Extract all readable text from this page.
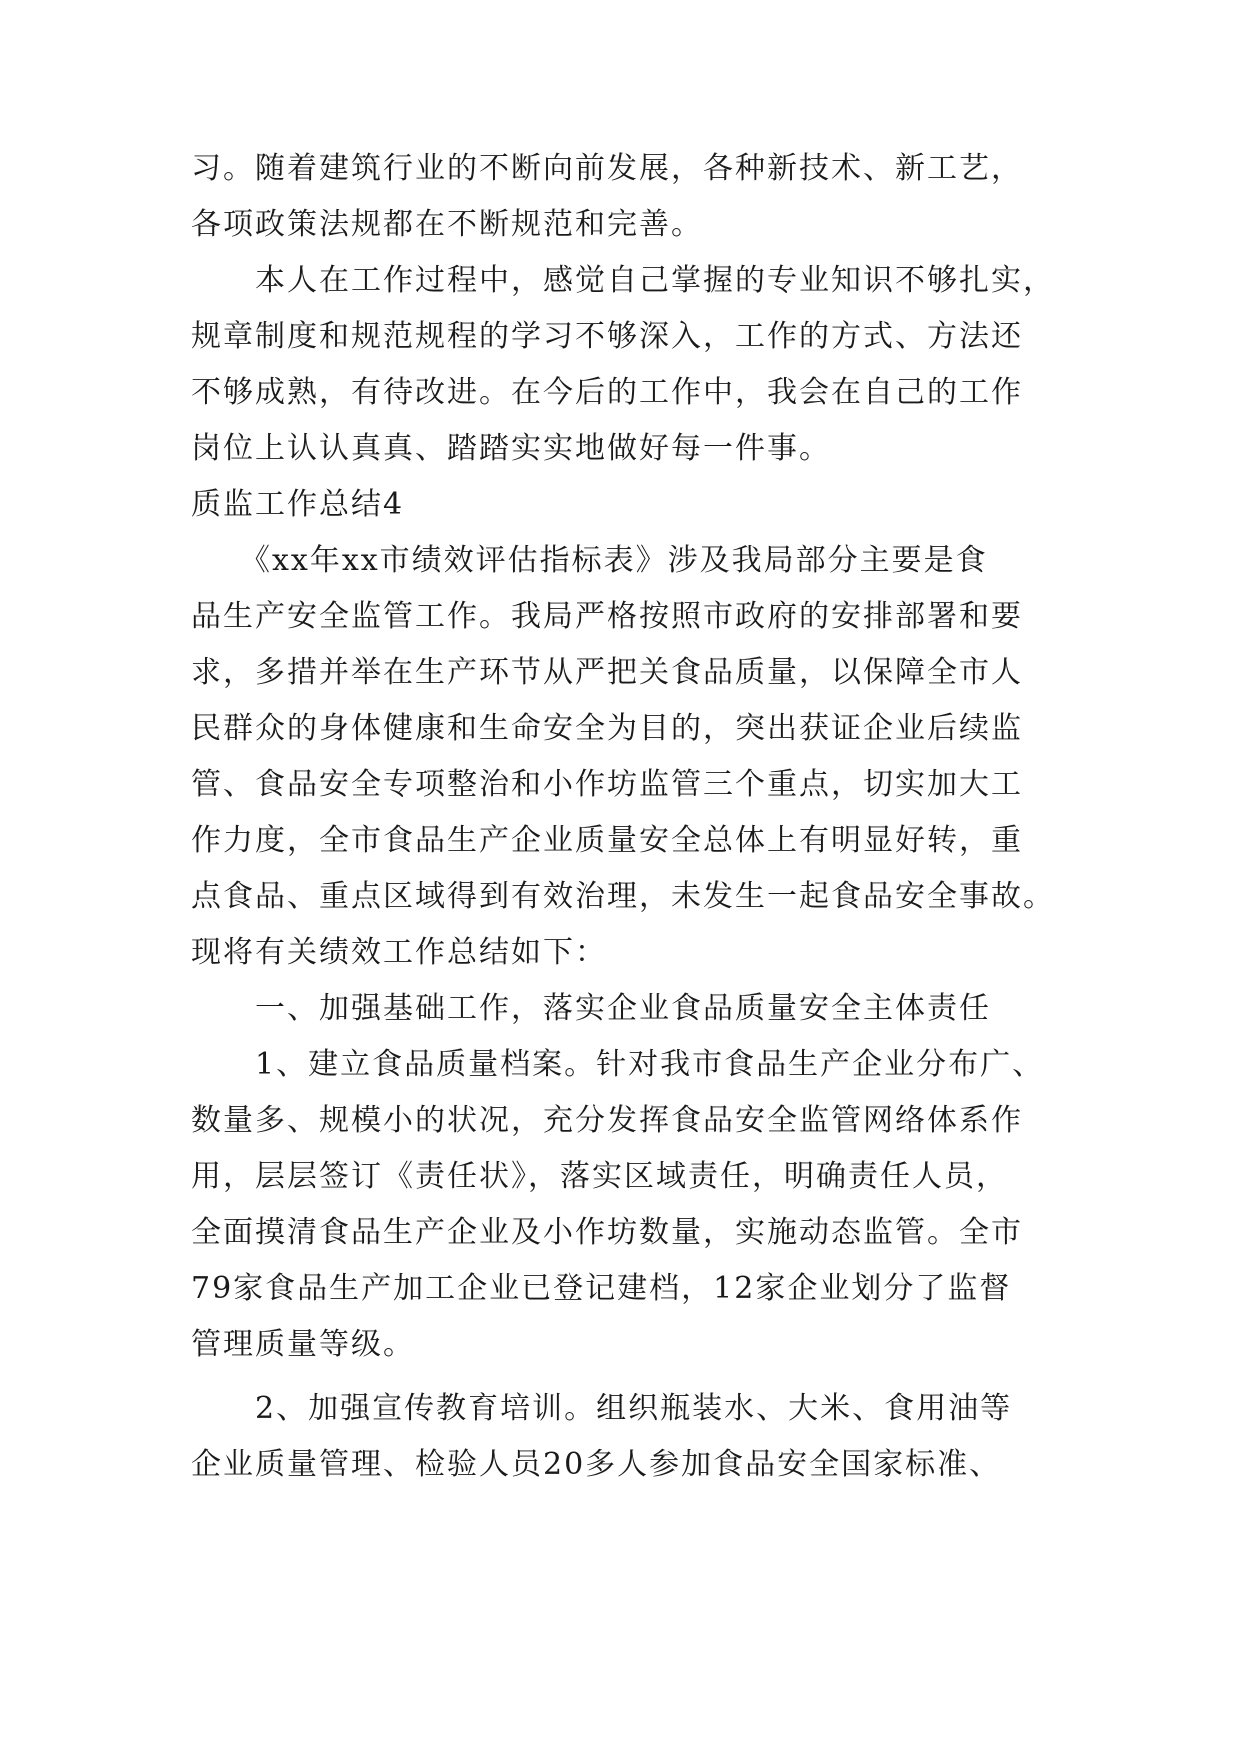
习。随着建筑行业的不断向前发展，各种新技术、新工艺，
各项政策法规都在不断规范和完善。
　　本人在工作过程中，感觉自己掌握的专业知识不够扎实，
规章制度和规范规程的学习不够深入，工作的方式、方法还
不够成熟，有待改进。在今后的工作中，我会在自己的工作
岗位上认认真真、踏踏实实地做好每一件事。
质监工作总结4
　　《xx年xx市绩效评估指标表》涉及我局部分主要是食
品生产安全监管工作。我局严格按照市政府的安排部署和要
求，多措并举在生产环节从严把关食品质量，以保障全市人
民群众的身体健康和生命安全为目的，突出获证企业后续监
管、食品安全专项整治和小作坊监管三个重点，切实加大工
作力度，全市食品生产企业质量安全总体上有明显好转，重
点食品、重点区域得到有效治理，未发生一起食品安全事故。
现将有关绩效工作总结如下：
　　一、加强基础工作，落实企业食品质量安全主体责任
　　1、建立食品质量档案。针对我市食品生产企业分布广、
数量多、规模小的状况，充分发挥食品安全监管网络体系作
用，层层签订《责任状》，落实区域责任，明确责任人员，
全面摸清食品生产企业及小作坊数量，实施动态监管。全市
79家食品生产加工企业已登记建档，12家企业划分了监督
管理质量等级。
　　2、加强宣传教育培训。组织瓶装水、大米、食用油等
企业质量管理、检验人员20多人参加食品安全国家标准、
